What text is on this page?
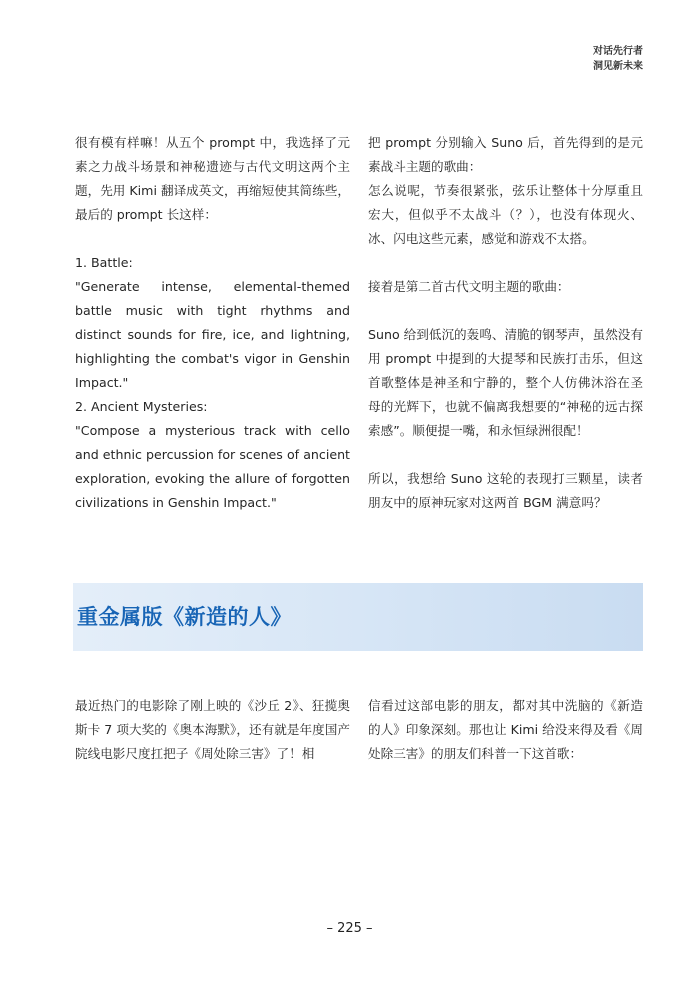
对话先行者
洞见新未来

很有模有样嘛！从五个 prompt 中，我选择了元素之力战斗场景和神秘遗迹与古代文明这两个主题，先用 Kimi 翻译成英文，再缩短使其简练些，最后的 prompt 长这样：

1. Battle:

"Generate intense, elemental-themed battle music with tight rhythms and distinct sounds for fire, ice, and lightning, highlighting the combat's vigor in Genshin Impact."

2. Ancient Mysteries:

"Compose a mysterious track with cello and ethnic percussion for scenes of ancient exploration, evoking the allure of forgotten civilizations in Genshin Impact."

把 prompt 分别输入 Suno 后，首先得到的是元素战斗主题的歌曲：

怎么说呢，节奏很紧张，弦乐让整体十分厚重且宏大，但似乎不太战斗（？），也没有体现火、冰、闪电这些元素，感觉和游戏不太搭。

接着是第二首古代文明主题的歌曲：

Suno 给到低沉的轰鸣、清脆的钢琴声，虽然没有用 prompt 中提到的大提琴和民族打击乐，但这首歌整体是神圣和宁静的，整个人仿佛沐浴在圣母的光辉下，也就不偏离我想要的“神秘的远古探索感”。顺便提一嘴，和永恒绿洲很配！

所以，我想给 Suno 这轮的表现打三颗星，读者朋友中的原神玩家对这两首 BGM 满意吗？

重金属版《新造的人》

最近热门的电影除了刚上映的《沙丘 2》、狂揽奥斯卡 7 项大奖的《奥本海默》，还有就是年度国产院线电影尺度扛把子《周处除三害》了！相

信看过这部电影的朋友，都对其中洗脑的《新造的人》印象深刻。那也让 Kimi 给没来得及看《周处除三害》的朋友们科普一下这首歌：

– 225 –
